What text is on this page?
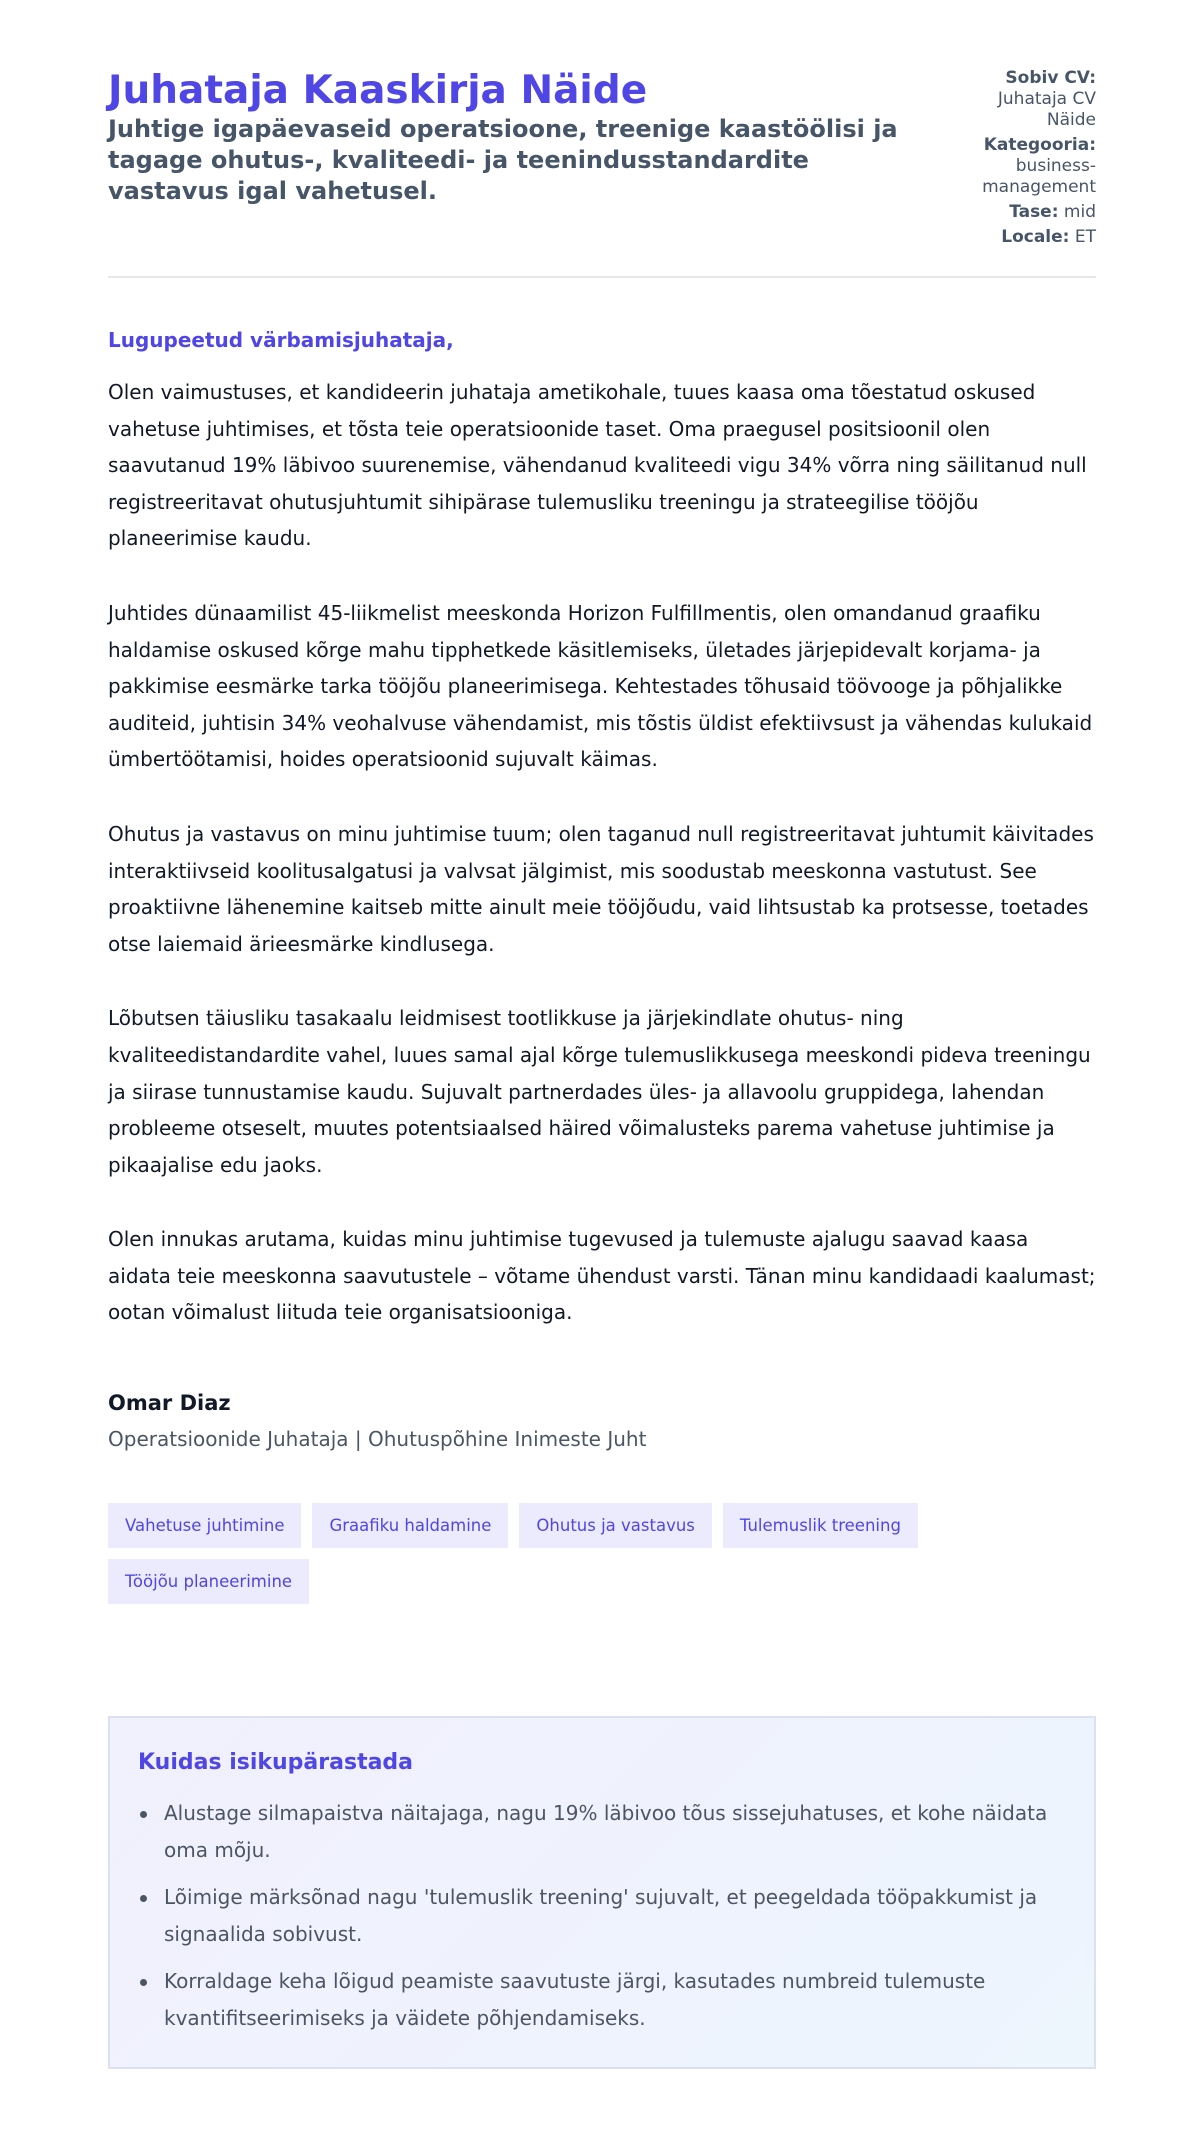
Juhataja Kaaskirja Näide

Juhtige igapäevaseid operatsioone, treenige kaastöölisi ja tagage ohutus-, kvaliteedi- ja teenindusstandardite vastavus igal vahetusel.

Sobiv CV:
Juhataja CV Näide
Kategooria:
business-management
Tase: mid
Locale: ET

Lugupeetud värbamisjuhataja,

Olen vaimustuses, et kandideerin juhataja ametikohale, tuues kaasa oma tõestatud oskused vahetuse juhtimises, et tõsta teie operatsioonide taset. Oma praegusel positsioonil olen saavutanud 19% läbivoo suurenemise, vähendanud kvaliteedi vigu 34% võrra ning säilitanud null registreeritavat ohutusjuhtumit sihipärase tulemusliku treeningu ja strateegilise tööjõu planeerimise kaudu.

Juhtides dünaamilist 45-liikmelist meeskonda Horizon Fulfillmentis, olen omandanud graafiku haldamise oskused kõrge mahu tipphetkede käsitlemiseks, ületades järjepidevalt korjama- ja pakkimise eesmärke tarka tööjõu planeerimisega. Kehtestades tõhusaid töövooge ja põhjalikke auditeid, juhtisin 34% veohalvuse vähendamist, mis tõstis üldist efektiivsust ja vähendas kulukaid ümbertöötamisi, hoides operatsioonid sujuvalt käimas.

Ohutus ja vastavus on minu juhtimise tuum; olen taganud null registreeritavat juhtumit käivitades interaktiivseid koolitusalgatusi ja valvsat jälgimist, mis soodustab meeskonna vastutust. See proaktiivne lähenemine kaitseb mitte ainult meie tööjõudu, vaid lihtsustab ka protsesse, toetades otse laiemaid ärieesmärke kindlusega.

Lõbutsen täiusliku tasakaalu leidmisest tootlikkuse ja järjekindlate ohutus- ning kvaliteedistandardite vahel, luues samal ajal kõrge tulemuslikkusega meeskondi pideva treeningu ja siirase tunnustamise kaudu. Sujuvalt partnerdades üles- ja allavoolu gruppidega, lahendan probleeme otseselt, muutes potentsiaalsed häired võimalusteks parema vahetuse juhtimise ja pikaajalise edu jaoks.

Olen innukas arutama, kuidas minu juhtimise tugevused ja tulemuste ajalugu saavad kaasa aidata teie meeskonna saavutustele – võtame ühendust varsti. Tänan minu kandidaadi kaalumast; ootan võimalust liituda teie organisatsiooniga.

Omar Diaz

Operatsioonide Juhataja | Ohutuspõhine Inimeste Juht

Vahetuse juhtimine	Graafiku haldamine	Ohutus ja vastavus	Tulemuslik treening
Tööjõu planeerimine
Kuidas isikupärastada
Alustage silmapaistva näitajaga, nagu 19% läbivoo tõus sissejuhatuses, et kohe näidata oma mõju.
Lõimige märksõnad nagu 'tulemuslik treening' sujuvalt, et peegeldada tööpakkumist ja signaalida sobivust.
Korraldage keha lõigud peamiste saavutuste järgi, kasutades numbreid tulemuste kvantifitseerimiseks ja väidete põhjendamiseks.
